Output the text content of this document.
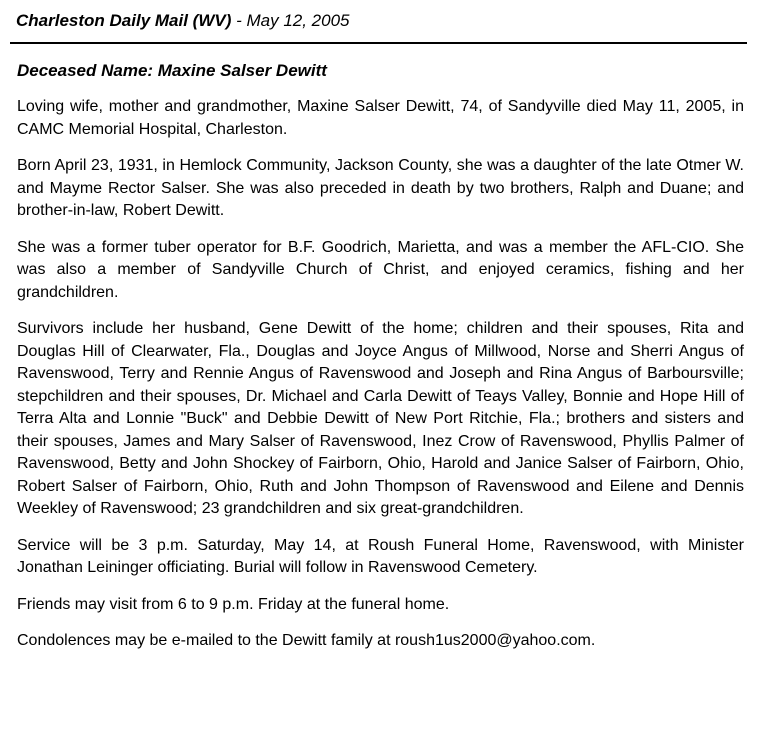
Charleston Daily Mail (WV) - May 12, 2005

Deceased Name: Maxine Salser Dewitt

Loving wife, mother and grandmother, Maxine Salser Dewitt, 74, of Sandyville died May 11, 2005, in CAMC Memorial Hospital, Charleston.

Born April 23, 1931, in Hemlock Community, Jackson County, she was a daughter of the late Otmer W. and Mayme Rector Salser. She was also preceded in death by two brothers, Ralph and Duane; and brother-in-law, Robert Dewitt.

She was a former tuber operator for B.F. Goodrich, Marietta, and was a member the AFL-CIO. She was also a member of Sandyville Church of Christ, and enjoyed ceramics, fishing and her grandchildren.

Survivors include her husband, Gene Dewitt of the home; children and their spouses, Rita and Douglas Hill of Clearwater, Fla., Douglas and Joyce Angus of Millwood, Norse and Sherri Angus of Ravenswood, Terry and Rennie Angus of Ravenswood and Joseph and Rina Angus of Barboursville; stepchildren and their spouses, Dr. Michael and Carla Dewitt of Teays Valley, Bonnie and Hope Hill of Terra Alta and Lonnie "Buck" and Debbie Dewitt of New Port Ritchie, Fla.; brothers and sisters and their spouses, James and Mary Salser of Ravenswood, Inez Crow of Ravenswood, Phyllis Palmer of Ravenswood, Betty and John Shockey of Fairborn, Ohio, Harold and Janice Salser of Fairborn, Ohio, Robert Salser of Fairborn, Ohio, Ruth and John Thompson of Ravenswood and Eilene and Dennis Weekley of Ravenswood; 23 grandchildren and six great-grandchildren.

Service will be 3 p.m. Saturday, May 14, at Roush Funeral Home, Ravenswood, with Minister Jonathan Leininger officiating. Burial will follow in Ravenswood Cemetery.

Friends may visit from 6 to 9 p.m. Friday at the funeral home.

Condolences may be e-mailed to the Dewitt family at roush1us2000@yahoo.com.
